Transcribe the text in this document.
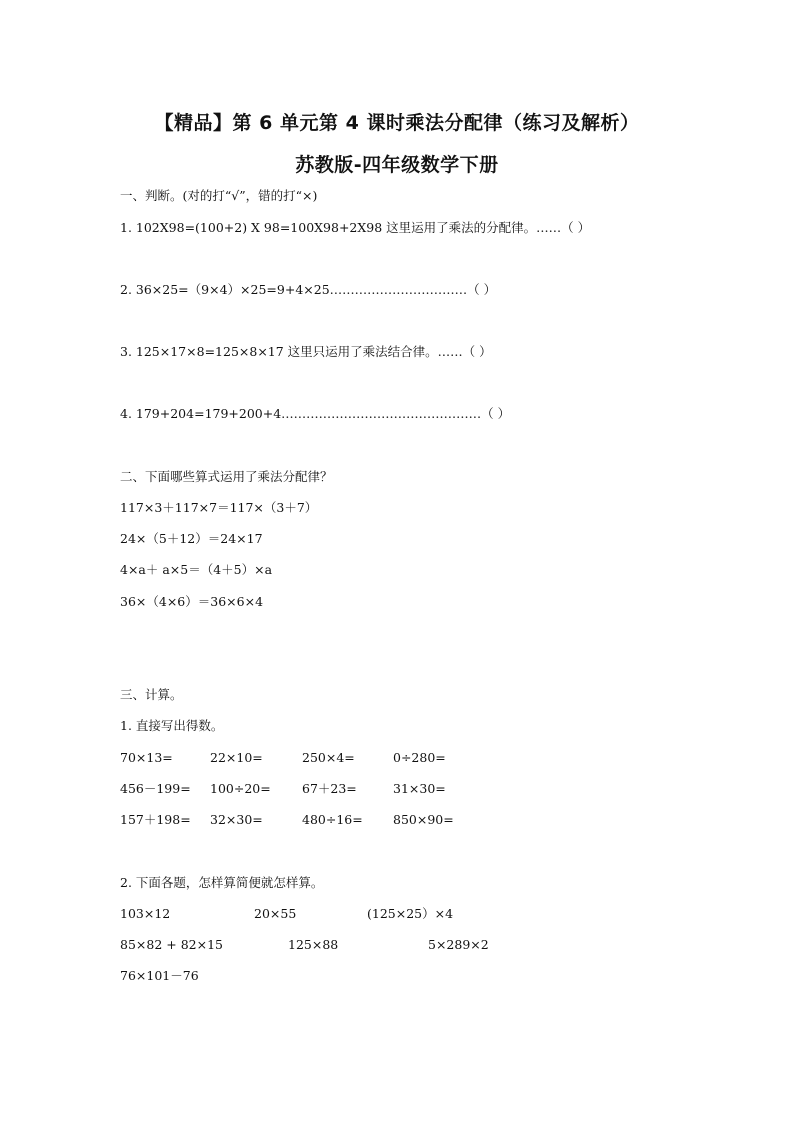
【精品】第 6 单元第 4 课时乘法分配律（练习及解析）
苏教版-四年级数学下册
一、判断。(对的打“√”，错的打“×)
1. 102X98=(100+2) X 98=100X98+2X98 这里运用了乘法的分配律。……（ ）
2. 36×25=（9×4）×25=9+4×25……………………………（ ）
3. 125×17×8=125×8×17 这里只运用了乘法结合律。……（ ）
4. 179+204=179+200+4…………………………………………（ ）
二、下面哪些算式运用了乘法分配律？
117×3＋117×7＝117×（3＋7）
24×（5＋12）＝24×17
4×a＋ a×5＝（4＋5）×a
36×（4×6）＝36×6×4
三、计算。
1. 直接写出得数。
70×13=	22×10=	250×4=	0÷280=
456－199= 100÷20=	67＋23=	31×30=
157＋198= 32×30=	480÷16= 850×90=
2. 下面各题，怎样算简便就怎样算。
103×12	20×55	(125×25）×4
85×82 + 82×15	125×88	5×289×2
76×101－76
